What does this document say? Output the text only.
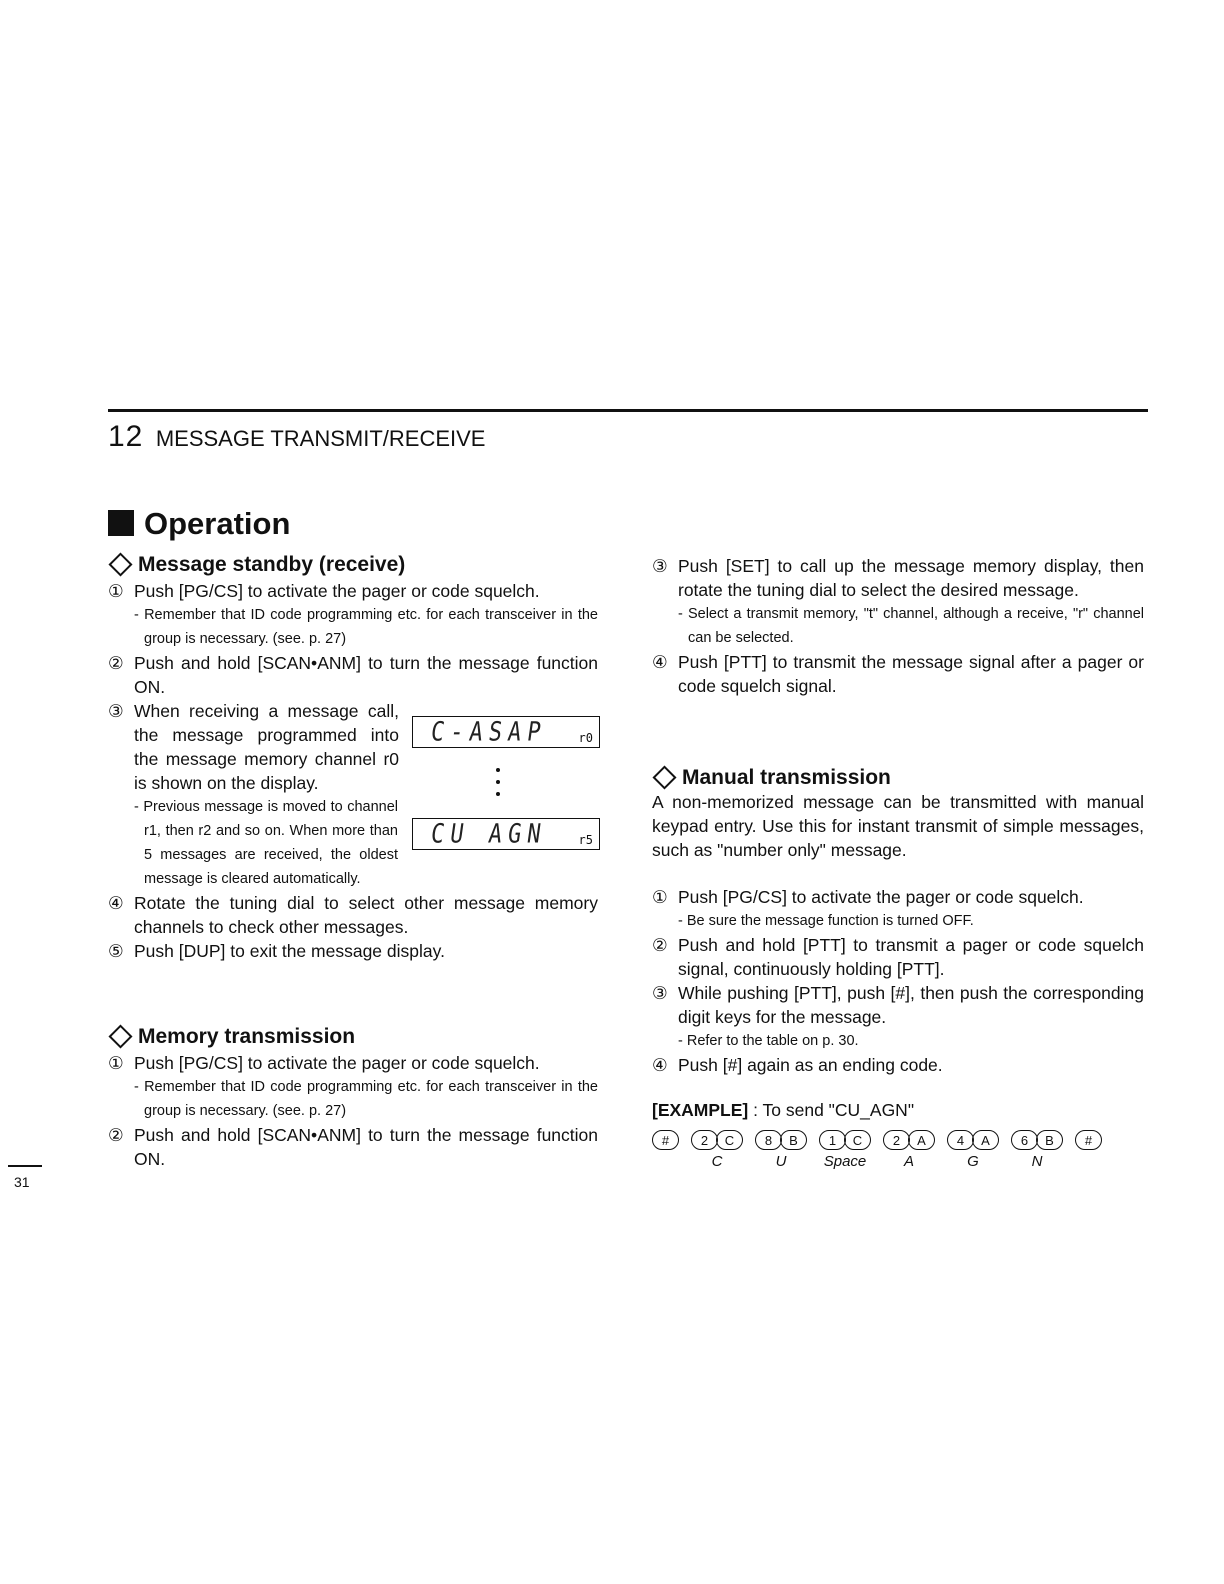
12 MESSAGE TRANSMIT/RECEIVE
Operation
Message standby (receive)
① Push [PG/CS] to activate the pager or code squelch.
- Remember that ID code programming etc. for each transceiver in the group is necessary. (see. p. 27)
② Push and hold [SCAN•ANM] to turn the message function ON.
③ When receiving a message call, the message programmed into the message memory channel r0 is shown on the display.
- Previous message is moved to channel r1, then r2 and so on. When more than 5 messages are received, the oldest message is cleared automatically.
④ Rotate the tuning dial to select other message memory channels to check other messages.
⑤ Push [DUP] to exit the message display.
C-ASAP r0
CU AGN r5
Memory transmission
① Push [PG/CS] to activate the pager or code squelch.
- Remember that ID code programming etc. for each transceiver in the group is necessary. (see. p. 27)
② Push and hold [SCAN•ANM] to turn the message function ON.
③ Push [SET] to call up the message memory display, then rotate the tuning dial to select the desired message.
- Select a transmit memory, "t" channel, although a receive, "r" channel can be selected.
④ Push [PTT] to transmit the message signal after a pager or code squelch signal.
Manual transmission
A non-memorized message can be transmitted with manual keypad entry. Use this for instant transmit of simple messages, such as "number only" message.
① Push [PG/CS] to activate the pager or code squelch.
- Be sure the message function is turned OFF.
② Push and hold [PTT] to transmit a pager or code squelch signal, continuously holding [PTT].
③ While pushing [PTT], push [#], then push the corresponding digit keys for the message.
- Refer to the table on p. 30.
④ Push [#] again as an ending code.
[EXAMPLE] : To send "CU_AGN"
#	2	C
C
8	B
U
1	C
Space
2	A
A
4	A
G
6	B
N
#
31
